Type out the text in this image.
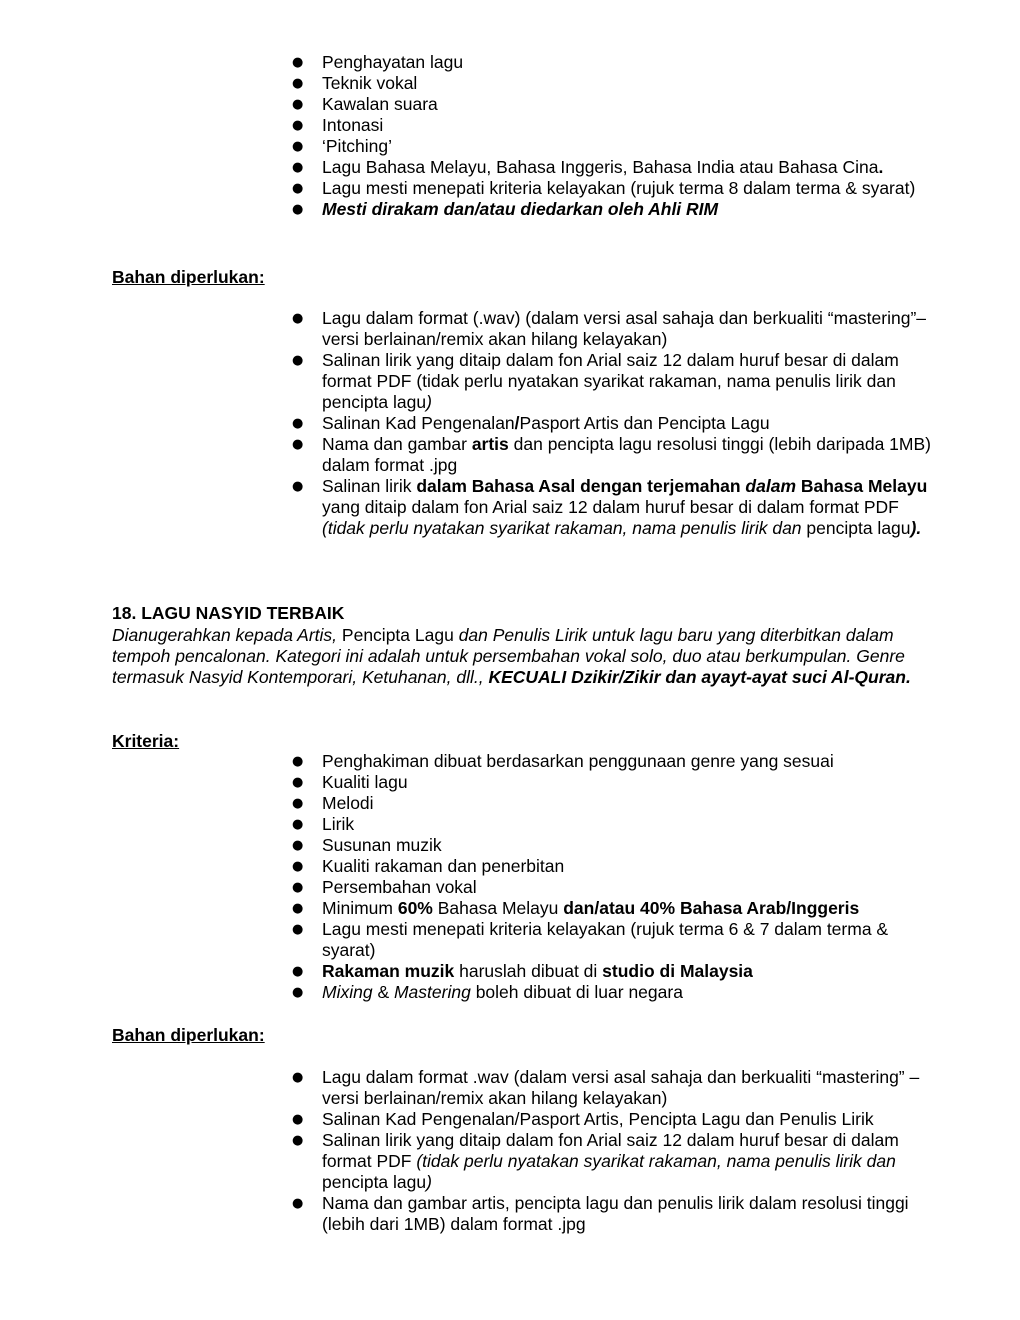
● Penghayatan lagu
● Teknik vokal
● Kawalan suara
● Intonasi
● ‘Pitching’
● Lagu Bahasa Melayu, Bahasa Inggeris, Bahasa India atau Bahasa Cina.
● Lagu mesti menepati kriteria kelayakan (rujuk terma 8 dalam terma & syarat)
● Mesti dirakam dan/atau diedarkan oleh Ahli RIM
Bahan diperlukan:
● Lagu dalam format (.wav) (dalam versi asal sahaja dan berkualiti “mastering”– versi berlainan/remix akan hilang kelayakan)
● Salinan lirik yang ditaip dalam fon Arial saiz 12 dalam huruf besar di dalam format PDF (tidak perlu nyatakan syarikat rakaman, nama penulis lirik dan pencipta lagu)
● Salinan Kad Pengenalan/Pasport Artis dan Pencipta Lagu
● Nama dan gambar artis dan pencipta lagu resolusi tinggi (lebih daripada 1MB) dalam format .jpg
● Salinan lirik dalam Bahasa Asal dengan terjemahan dalam Bahasa Melayu yang ditaip dalam fon Arial saiz 12 dalam huruf besar di dalam format PDF (tidak perlu nyatakan syarikat rakaman, nama penulis lirik dan pencipta lagu).
18. LAGU NASYID TERBAIK
Dianugerahkan kepada Artis, Pencipta Lagu dan Penulis Lirik untuk lagu baru yang diterbitkan dalam tempoh pencalonan. Kategori ini adalah untuk persembahan vokal solo, duo atau berkumpulan. Genre termasuk Nasyid Kontemporari, Ketuhanan, dll., KECUALI Dzikir/Zikir dan ayayt-ayat suci Al-Quran.
Kriteria:
● Penghakiman dibuat berdasarkan penggunaan genre yang sesuai
● Kualiti lagu
● Melodi
● Lirik
● Susunan muzik
● Kualiti rakaman dan penerbitan
● Persembahan vokal
● Minimum 60% Bahasa Melayu dan/atau 40% Bahasa Arab/Inggeris
● Lagu mesti menepati kriteria kelayakan (rujuk terma 6 & 7 dalam terma & syarat)
● Rakaman muzik haruslah dibuat di studio di Malaysia
● Mixing & Mastering boleh dibuat di luar negara
Bahan diperlukan:
● Lagu dalam format .wav (dalam versi asal sahaja dan berkualiti “mastering” – versi berlainan/remix akan hilang kelayakan)
● Salinan Kad Pengenalan/Pasport Artis, Pencipta Lagu dan Penulis Lirik
● Salinan lirik yang ditaip dalam fon Arial saiz 12 dalam huruf besar di dalam format PDF (tidak perlu nyatakan syarikat rakaman, nama penulis lirik dan pencipta lagu)
● Nama dan gambar artis, pencipta lagu dan penulis lirik dalam resolusi tinggi (lebih dari 1MB) dalam format .jpg
